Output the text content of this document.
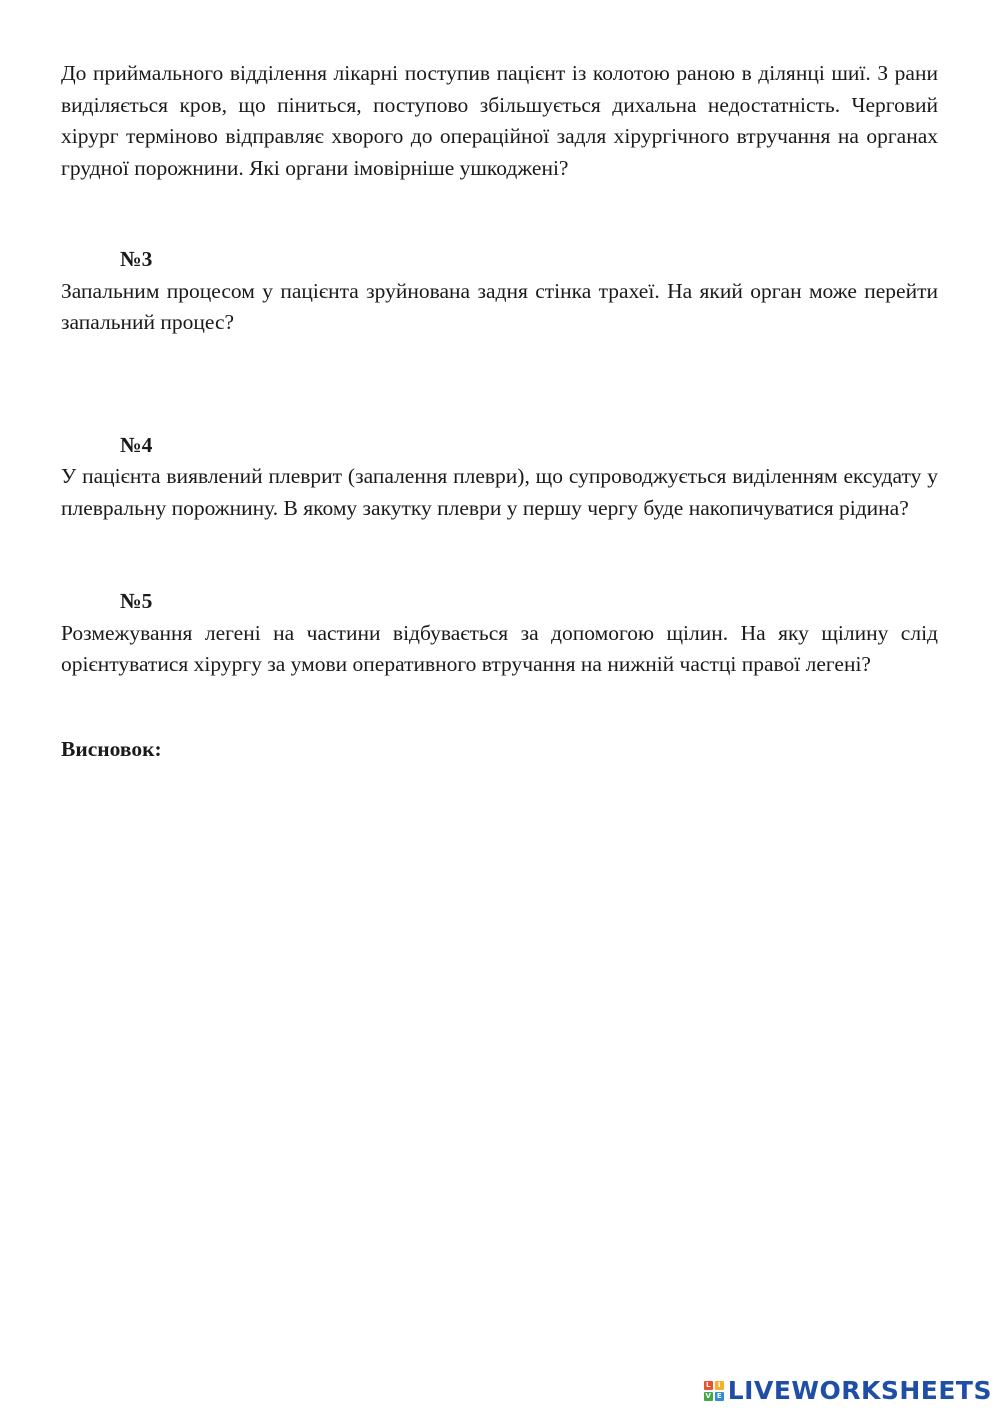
До приймального відділення лікарні поступив пацієнт із колотою раною в ділянці шиї. З рани виділяється кров, що піниться, поступово збільшується дихальна недостатність. Черговий хірург терміново відправляє хворого до операційної задля хірургічного втручання на органах грудної порожнини. Які органи імовірніше ушкоджені?

№3

Запальним процесом у пацієнта зруйнована задня стінка трахеї. На який орган може перейти запальний процес?

№4

У пацієнта виявлений плеврит (запалення плеври), що супроводжується виділенням ексудату у плевральну порожнину. В якому закутку плеври у першу чергу буде накопичуватися рідина?

№5

Розмежування легені на частини відбувається за допомогою щілин. На яку щілину слід орієнтуватися хірургу за умови оперативного втручання на нижній частці правої легені?

Висновок:

L	I
V E LIVEWORKSHEETS
